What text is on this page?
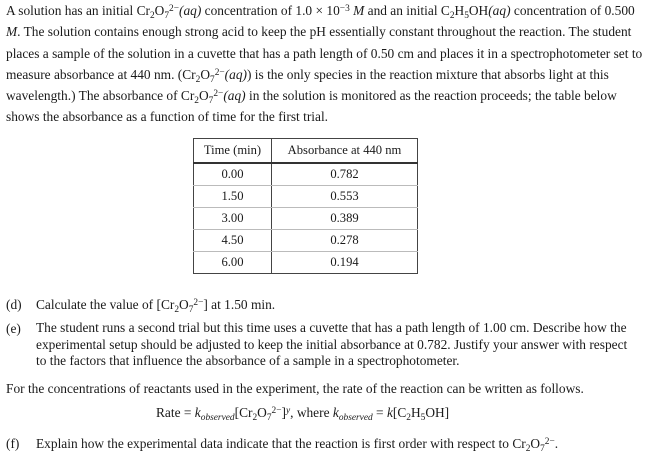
A solution has an initial $Cr_2O_7^{2-}(aq)$ concentration of $1.0 \times 10^{-3}$ M and an initial $C_2H_5OH(aq)$ concentration of 0.500 M. The solution contains enough strong acid to keep the pH essentially constant throughout the reaction. The student places a sample of the solution in a cuvette that has a path length of 0.50 cm and places it in a spectrophotometer set to measure absorbance at 440 nm. $(Cr_2O_7^{2-}(aq))$ is the only species in the reaction mixture that absorbs light at this wavelength.) The absorbance of $Cr_2O_7^{2-}(aq)$ in the solution is monitored as the reaction proceeds; the table below shows the absorbance as a function of time for the first trial.

Time (min)	Absorbance at 440 nm
0.00	0.782
1.50	0.553
3.00	0.389
4.50	0.278
6.00	0.194
(d) Calculate the value of $[Cr_2O_7^{2-}]$ at 1.50 min.
(e) The student runs a second trial but this time uses a cuvette that has a path length of 1.00 cm. Describe how the experimental setup should be adjusted to keep the initial absorbance at 0.782. Justify your answer with respect to the factors that influence the absorbance of a sample in a spectrophotometer.
For the concentrations of reactants used in the experiment, the rate of the reaction can be written as follows.
Rate = $k_{observed}[Cr_2O_7^{2-}]^y$, where $k_{observed} = k[C_2H_5OH]$
(f) Explain how the experimental data indicate that the reaction is first order with respect to $Cr_2O_7^{2-}$.
